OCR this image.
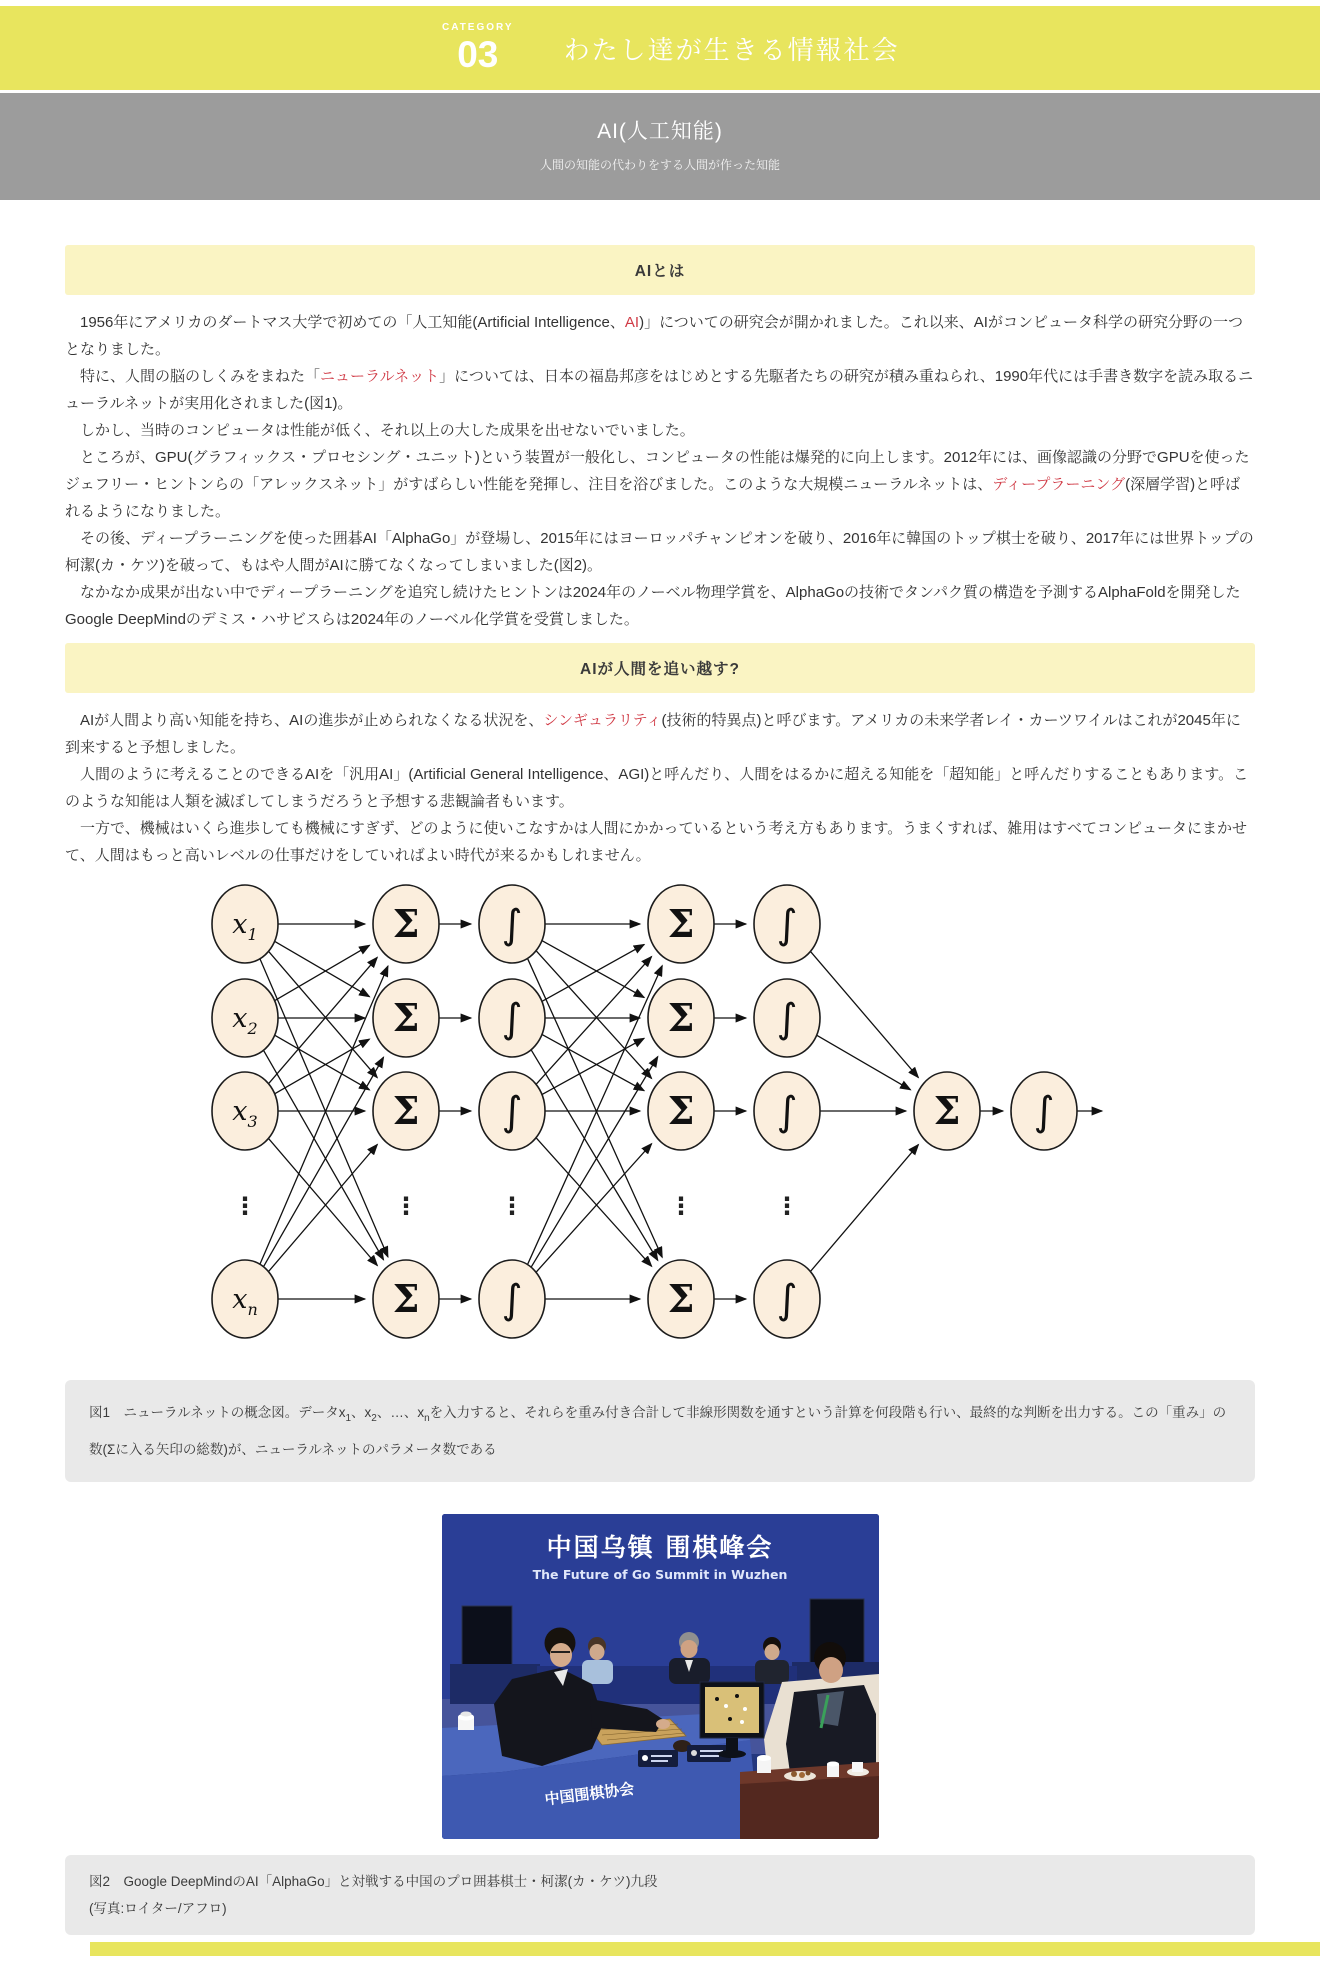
CATEGORY
03	わたし達が生きる情報社会
AI(人工知能)
人間の知能の代わりをする人間が作った知能
AIとは

1956年にアメリカのダートマス大学で初めての「人工知能(Artificial Intelligence、AI)」についての研究会が開かれました。これ以来、AIがコンピュータ科学の研究分野の一つとなりました。

特に、人間の脳のしくみをまねた「ニューラルネット」については、日本の福島邦彦をはじめとする先駆者たちの研究が積み重ねられ、1990年代には手書き数字を読み取るニューラルネットが実用化されました(図1)。

しかし、当時のコンピュータは性能が低く、それ以上の大した成果を出せないでいました。

ところが、GPU(グラフィックス・プロセシング・ユニット)という装置が一般化し、コンピュータの性能は爆発的に向上します。2012年には、画像認識の分野でGPUを使ったジェフリー・ヒントンらの「アレックスネット」がすばらしい性能を発揮し、注目を浴びました。このような大規模ニューラルネットは、ディープラーニング(深層学習)と呼ばれるようになりました。

その後、ディープラーニングを使った囲碁AI「AlphaGo」が登場し、2015年にはヨーロッパチャンピオンを破り、2016年に韓国のトップ棋士を破り、2017年には世界トップの柯潔(カ・ケツ)を破って、もはや人間がAIに勝てなくなってしまいました(図2)。

なかなか成果が出ない中でディープラーニングを追究し続けたヒントンは2024年のノーベル物理学賞を、AlphaGoの技術でタンパク質の構造を予測するAlphaFoldを開発したGoogle DeepMindのデミス・ハサビスらは2024年のノーベル化学賞を受賞しました。

AIが人間を追い越す?

AIが人間より高い知能を持ち、AIの進歩が止められなくなる状況を、シンギュラリティ(技術的特異点)と呼びます。アメリカの未来学者レイ・カーツワイルはこれが2045年に到来すると予想しました。

人間のように考えることのできるAIを「汎用AI」(Artificial General Intelligence、AGI)と呼んだり、人間をはるかに超える知能を「超知能」と呼んだりすることもあります。このような知能は人類を滅ぼしてしまうだろうと予想する悲観論者もいます。

一方で、機械はいくら進歩しても機械にすぎず、どのように使いこなすかは人間にかかっているという考え方もあります。うまくすれば、雑用はすべてコンピュータにまかせて、人間はもっと高いレベルの仕事だけをしていればよい時代が来るかもしれません。

$x_1$	Σ ∫	Σ ∫
$x_2$	Σ ∫	Σ ∫
$x_3$	Σ ∫	Σ ∫
$x_n$	Σ ∫	Σ ∫
Σ ∫
⋮	⋮	⋮	⋮	⋮
図1　ニューラルネットの概念図。データ$x_1$、$x_2$、…、$x_n$を入力すると、それらを重み付き合計して非線形関数を通すという計算を何段階も行い、最終的な判断を出力する。この「重み」の数(Σに入る矢印の総数)が、ニューラルネットのパラメータ数である
中国乌镇 围棋峰会
The Future of Go Summit in Wuzhen
中国围棋协会
図2　Google DeepMindのAI「AlphaGo」と対戦する中国のプロ囲碁棋士・柯潔(カ・ケツ)九段
(写真:ロイター/アフロ)
